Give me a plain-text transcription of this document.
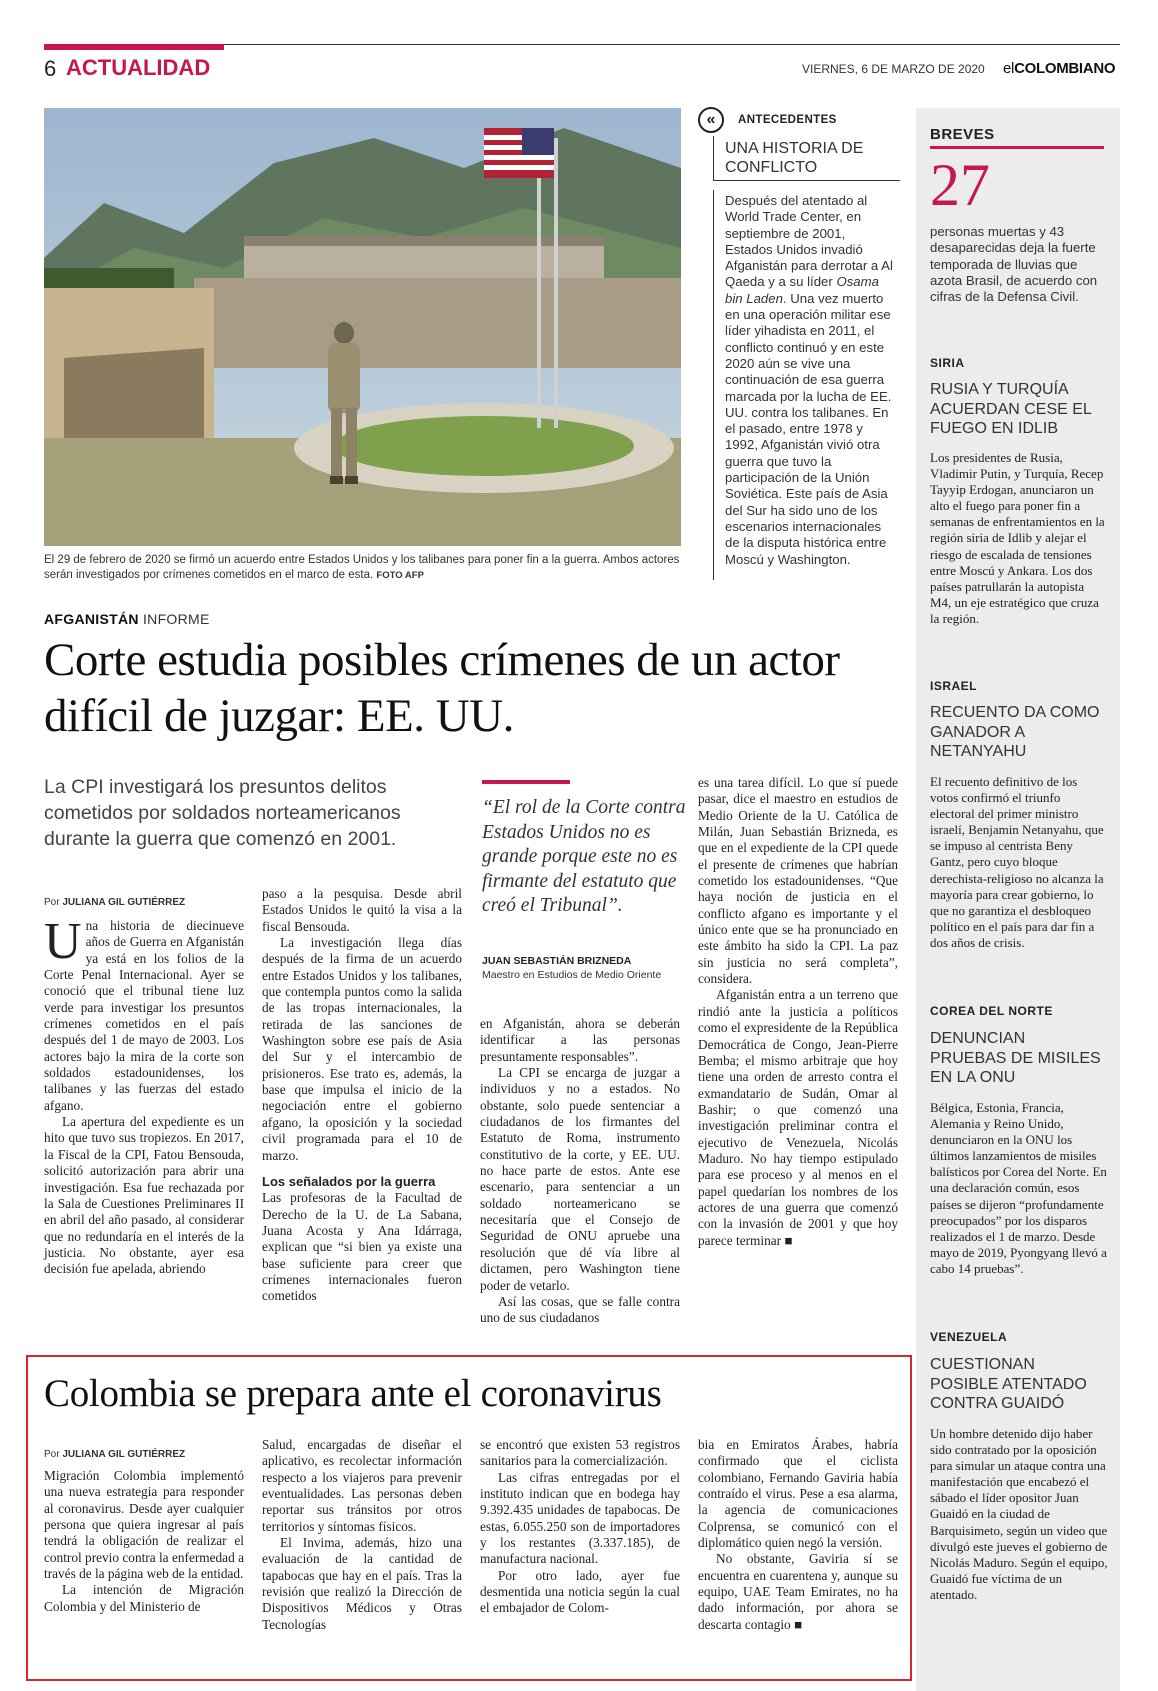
6 ACTUALIDAD	VIERNES, 6 DE MARZO DE 2020 elCOLOMBIANO
El 29 de febrero de 2020 se firmó un acuerdo entre Estados Unidos y los talibanes para poner fin a la guerra. Ambos actores serán investigados por crímenes cometidos en el marco de esta. FOTO AFP
«	ANTECEDENTES
UNA HISTORIA DE CONFLICTO
Después del atentado al World Trade Center, en septiembre de 2001, Estados Unidos invadió Afganistán para derrotar a Al Qaeda y a su líder Osama bin Laden. Una vez muerto en una operación militar ese líder yihadista en 2011, el conflicto continuó y en este 2020 aún se vive una continuación de esa guerra marcada por la lucha de EE. UU. contra los talibanes. En el pasado, entre 1978 y 1992, Afganistán vivió otra guerra que tuvo la participación de la Unión Soviética. Este país de Asia del Sur ha sido uno de los escenarios internacionales de la disputa histórica entre Moscú y Washington.
BREVES
27
personas muertas y 43 desaparecidas deja la fuerte temporada de lluvias que azota Brasil, de acuerdo con cifras de la Defensa Civil.
SIRIA
RUSIA Y TURQUÍA ACUERDAN CESE EL FUEGO EN IDLIB
Los presidentes de Rusia, Vladimir Putin, y Turquía, Recep Tayyip Erdogan, anunciaron un alto el fuego para poner fin a semanas de enfrentamientos en la región siria de Idlib y alejar el riesgo de escalada de tensiones entre Moscú y Ankara. Los dos países patrullarán la autopista M4, un eje estratégico que cruza la región.
ISRAEL
RECUENTO DA COMO GANADOR A NETANYAHU
El recuento definitivo de los votos confirmó el triunfo electoral del primer ministro israelí, Benjamin Netanyahu, que se impuso al centrista Beny Gantz, pero cuyo bloque derechista-religioso no alcanza la mayoría para crear gobierno, lo que no garantiza el desbloqueo político en el país para dar fin a dos años de crisis.
COREA DEL NORTE
DENUNCIAN PRUEBAS DE MISILES EN LA ONU
Bélgica, Estonia, Francia, Alemania y Reino Unido, denunciaron en la ONU los últimos lanzamientos de misiles balísticos por Corea del Norte. En una declaración común, esos países se dijeron “profundamente preocupados” por los disparos realizados el 1 de marzo. Desde mayo de 2019, Pyongyang llevó a cabo 14 pruebas”.
VENEZUELA
CUESTIONAN POSIBLE ATENTADO CONTRA GUAIDÓ
Un hombre detenido dijo haber sido contratado por la oposición para simular un ataque contra una manifestación que encabezó el sábado el líder opositor Juan Guaidó en la ciudad de Barquisimeto, según un video que divulgó este jueves el gobierno de Nicolás Maduro. Según el equipo, Guaidó fue víctima de un atentado.
AFGANISTÁN INFORME
Corte estudia posibles crímenes de un actor difícil de juzgar: EE. UU.
La CPI investigará los presuntos delitos cometidos por soldados norteamericanos durante la guerra que comenzó en 2001.
Por JULIANA GIL GUTIÉRREZ

Una historia de diecinueve años de Guerra en Afganistán ya está en los folios de la Corte Penal Internacional. Ayer se conoció que el tribunal tiene luz verde para investigar los presuntos crímenes cometidos en el país después del 1 de mayo de 2003. Los actores bajo la mira de la corte son soldados estadounidenses, los talibanes y las fuerzas del estado afgano.

La apertura del expediente es un hito que tuvo sus tropiezos. En 2017, la Fiscal de la CPI, Fatou Bensouda, solicitó autorización para abrir una investigación. Esa fue rechazada por la Sala de Cuestiones Preliminares II en abril del año pasado, al considerar que no redundaría en el interés de la justicia. No obstante, ayer esa decisión fue apelada, abriendo

paso a la pesquisa. Desde abril Estados Unidos le quitó la visa a la fiscal Bensouda.

La investigación llega días después de la firma de un acuerdo entre Estados Unidos y los talibanes, que contempla puntos como la salida de las tropas internacionales, la retirada de las sanciones de Washington sobre ese país de Asia del Sur y el intercambio de prisioneros. Ese trato es, además, la base que impulsa el inicio de la negociación entre el gobierno afgano, la oposición y la sociedad civil programada para el 10 de marzo.

Los señalados por la guerra

Las profesoras de la Facultad de Derecho de la U. de La Sabana, Juana Acosta y Ana Idárraga, explican que “si bien ya existe una base suficiente para creer que crímenes internacionales fueron cometidos

“El rol de la Corte contra Estados Unidos no es grande porque este no es firmante del estatuto que creó el Tribunal”.
JUAN SEBASTIÁN BRIZNEDA
Maestro en Estudios de Medio Oriente

en Afganistán, ahora se deberán identificar a las personas presuntamente responsables”.

La CPI se encarga de juzgar a individuos y no a estados. No obstante, solo puede sentenciar a ciudadanos de los firmantes del Estatuto de Roma, instrumento constitutivo de la corte, y EE. UU. no hace parte de estos. Ante ese escenario, para sentenciar a un soldado norteamericano se necesitaría que el Consejo de Seguridad de ONU apruebe una resolución que dé vía libre al dictamen, pero Washington tiene poder de vetarlo.

Así las cosas, que se falle contra uno de sus ciudadanos

es una tarea difícil. Lo que sí puede pasar, dice el maestro en estudios de Medio Oriente de la U. Católica de Milán, Juan Sebastián Brizneda, es que en el expediente de la CPI quede el presente de crímenes que habrían cometido los estadounidenses. “Que haya noción de justicia en el conflicto afgano es importante y el único ente que se ha pronunciado en este ámbito ha sido la CPI. La paz sin justicia no será completa”, considera.

Afganistán entra a un terreno que rindió ante la justicia a políticos como el expresidente de la República Democrática de Congo, Jean-Pierre Bemba; el mismo arbitraje que hoy tiene una orden de arresto contra el exmandatario de Sudán, Omar al Bashir; o que comenzó una investigación preliminar contra el ejecutivo de Venezuela, Nicolás Maduro. No hay tiempo estipulado para ese proceso y al menos en el papel quedarían los nombres de los actores de una guerra que comenzó con la invasión de 2001 y que hoy parece terminar ■

Colombia se prepara ante el coronavirus
Por JULIANA GIL GUTIÉRREZ

Migración Colombia implementó una nueva estrategia para responder al coronavirus. Desde ayer cualquier persona que quiera ingresar al país tendrá la obligación de realizar el control previo contra la enfermedad a través de la página web de la entidad.

La intención de Migración Colombia y del Ministerio de

Salud, encargadas de diseñar el aplicativo, es recolectar información respecto a los viajeros para prevenir eventualidades. Las personas deben reportar sus tránsitos por otros territorios y síntomas físicos.

El Invima, además, hizo una evaluación de la cantidad de tapabocas que hay en el país. Tras la revisión que realizó la Dirección de Dispositivos Médicos y Otras Tecnologías

se encontró que existen 53 registros sanitarios para la comercialización.

Las cifras entregadas por el instituto indican que en bodega hay 9.392.435 unidades de tapabocas. De estas, 6.055.250 son de importadores y los restantes (3.337.185), de manufactura nacional.

Por otro lado, ayer fue desmentida una noticia según la cual el embajador de Colom-

bia en Emiratos Árabes, habría confirmado que el ciclista colombiano, Fernando Gaviria había contraído el virus. Pese a esa alarma, la agencia de comunicaciones Colprensa, se comunicó con el diplomático quien negó la versión.

No obstante, Gaviria sí se encuentra en cuarentena y, aunque su equipo, UAE Team Emirates, no ha dado información, por ahora se descarta contagio ■
